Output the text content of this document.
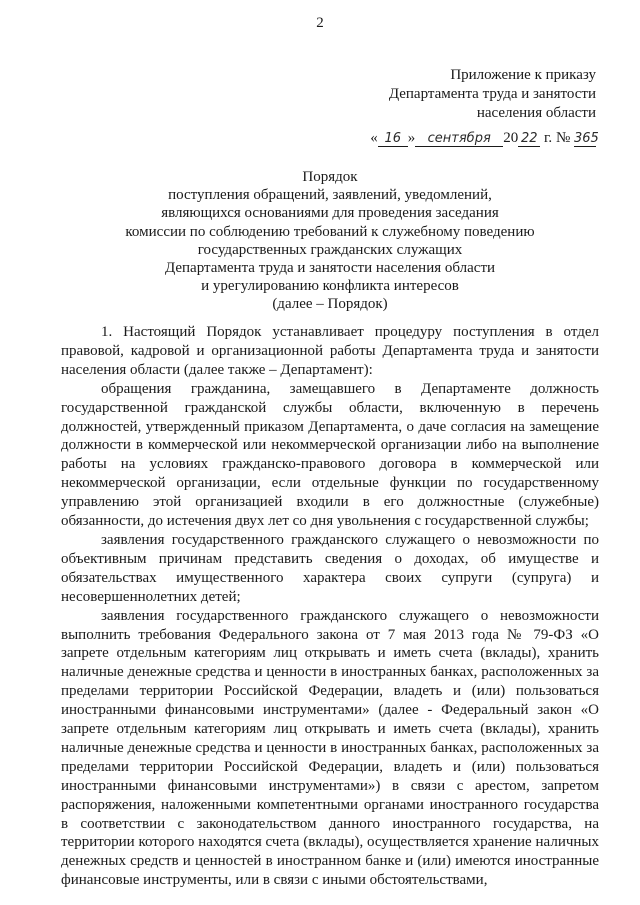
2
Приложение к приказу
Департамента труда и занятости
населения области
« 16 » сентября 20 22 г. № 365
Порядок
поступления обращений, заявлений, уведомлений,
являющихся основаниями для проведения заседания
комиссии по соблюдению требований к служебному поведению
государственных гражданских служащих
Департамента труда и занятости населения области
и урегулированию конфликта интересов
(далее – Порядок)

1. Настоящий Порядок устанавливает процедуру поступления в отдел правовой, кадровой и организационной работы Департамента труда и занятости населения области (далее также – Департамент):

обращения гражданина, замещавшего в Департаменте должность государственной гражданской службы области, включенную в перечень должностей, утвержденный приказом Департамента, о даче согласия на замещение должности в коммерческой или некоммерческой организации либо на выполнение работы на условиях гражданско-правового договора в коммерческой или некоммерческой организации, если отдельные функции по государственному управлению этой организацией входили в его должностные (служебные) обязанности, до истечения двух лет со дня увольнения с государственной службы;

заявления государственного гражданского служащего о невозможности по объективным причинам представить сведения о доходах, об имуществе и обязательствах имущественного характера своих супруги (супруга) и несовершеннолетних детей;

заявления государственного гражданского служащего о невозможности выполнить требования Федерального закона от 7 мая 2013 года № 79-ФЗ «О запрете отдельным категориям лиц открывать и иметь счета (вклады), хранить наличные денежные средства и ценности в иностранных банках, расположенных за пределами территории Российской Федерации, владеть и (или) пользоваться иностранными финансовыми инструментами» (далее - Федеральный закон «О запрете отдельным категориям лиц открывать и иметь счета (вклады), хранить наличные денежные средства и ценности в иностранных банках, расположенных за пределами территории Российской Федерации, владеть и (или) пользоваться иностранными финансовыми инструментами») в связи с арестом, запретом распоряжения, наложенными компетентными органами иностранного государства в соответствии с законодательством данного иностранного государства, на территории которого находятся счета (вклады), осуществляется хранение наличных денежных средств и ценностей в иностранном банке и (или) имеются иностранные финансовые инструменты, или в связи с иными обстоятельствами,
